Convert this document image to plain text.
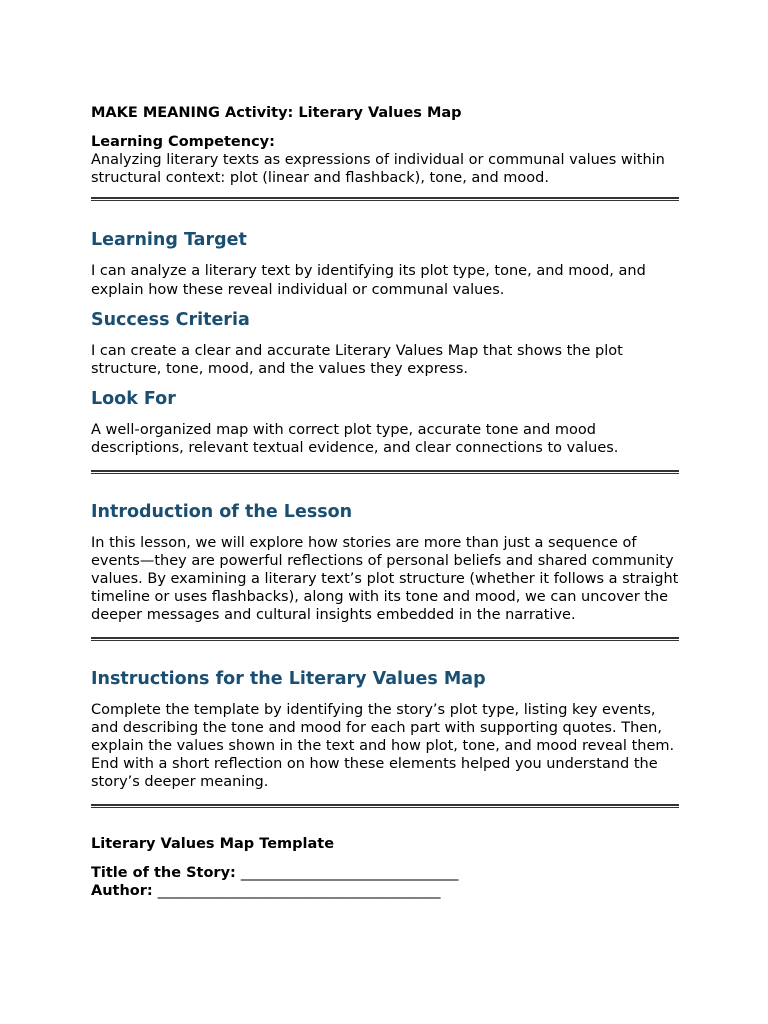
MAKE MEANING Activity: Literary Values Map

Learning Competency:

Analyzing literary texts as expressions of individual or communal values within structural context: plot (linear and flashback), tone, and mood.

Learning Target

I can analyze a literary text by identifying its plot type, tone, and mood, and explain how these reveal individual or communal values.

Success Criteria

I can create a clear and accurate Literary Values Map that shows the plot structure, tone, mood, and the values they express.

Look For

A well-organized map with correct plot type, accurate tone and mood descriptions, relevant textual evidence, and clear connections to values.

Introduction of the Lesson

In this lesson, we will explore how stories are more than just a sequence of events—they are powerful reflections of personal beliefs and shared community values. By examining a literary text’s plot structure (whether it follows a straight timeline or uses flashbacks), along with its tone and mood, we can uncover the deeper messages and cultural insights embedded in the narrative.

Instructions for the Literary Values Map

Complete the template by identifying the story’s plot type, listing key events, and describing the tone and mood for each part with supporting quotes. Then, explain the values shown in the text and how plot, tone, and mood reveal them. End with a short reflection on how these elements helped you understand the story’s deeper meaning.

Literary Values Map Template

Title of the Story: ______________________________

Author: _______________________________________
